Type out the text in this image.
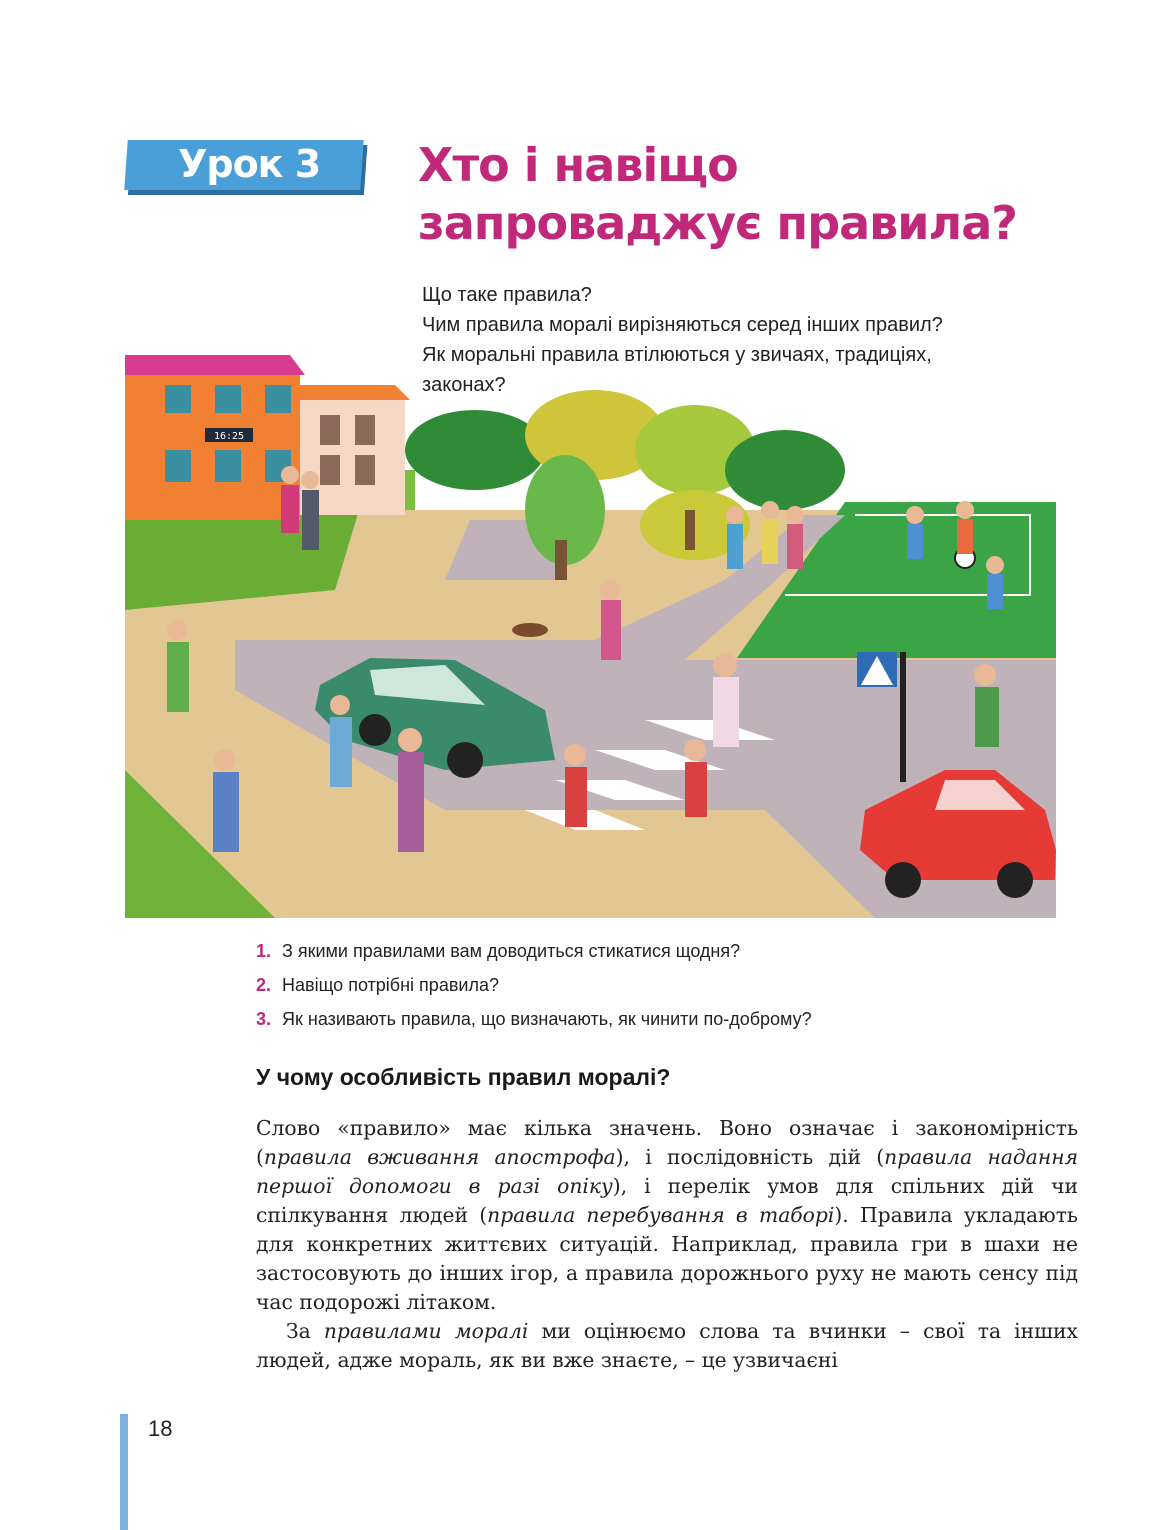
Урок 3 Хто і навіщо
запроваджує правила?
Що таке правила?
Чим правила моралі вирізняються серед інших правил?
Як моральні правила втілюються у звичаях, традиціях,
законах?
16:25
1. З якими правилами вам доводиться стикатися щодня?
2. Навіщо потрібні правила?
3. Як називають правила, що визначають, як чинити по-доброму?
У чому особливість правил моралі?

Слово «правило» має кілька значень. Воно означає і закономірність (правила вживання апострофа), і послідовність дій (правила надання першої допомоги в разі опіку), і перелік умов для спільних дій чи спілкування людей (правила перебування в таборі). Правила укладають для конкретних життєвих ситуацій. Наприклад, правила гри в шахи не застосовують до інших ігор, а правила дорожнього руху не мають сенсу під час подорожі літаком.

За правилами моралі ми оцінюємо слова та вчинки – свої та інших людей, адже мораль, як ви вже знаєте, – це узвичаєні

18
